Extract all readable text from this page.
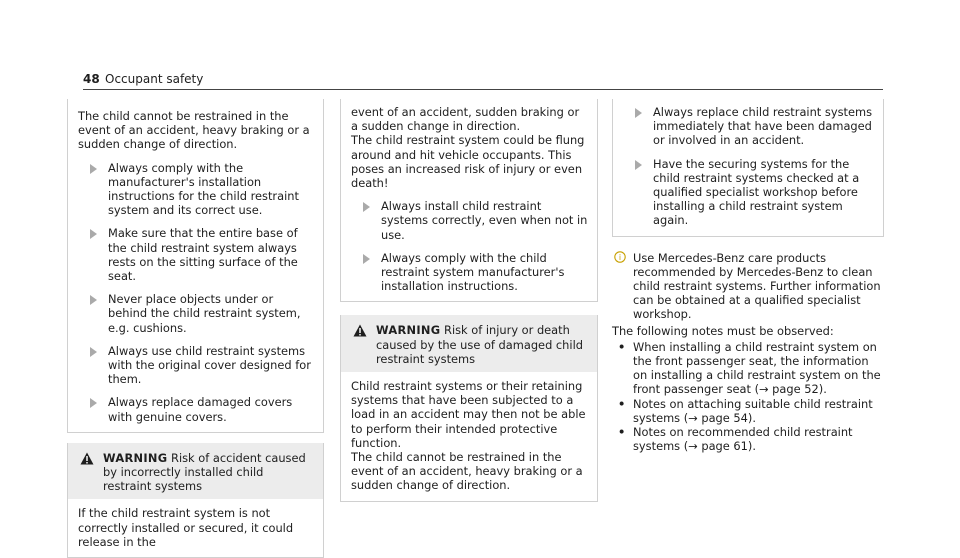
48 Occupant safety

The child cannot be restrained in the event of an accident, heavy braking or a sudden change of direction.

Always comply with the manufacturer's installation instructions for the child restraint system and its correct use.
Make sure that the entire base of the child restraint system always rests on the sitting surface of the seat.
Never place objects under or behind the child restraint system, e.g. cushions.
Always use child restraint systems with the original cover designed for them.
Always replace damaged covers with genuine covers.
WARNING Risk of accident caused by incorrectly installed child restraint systems

If the child restraint system is not correctly installed or secured, it could release in the

event of an accident, sudden braking or a sudden change in direction.

The child restraint system could be flung around and hit vehicle occupants. This poses an increased risk of injury or even death!

Always install child restraint systems correctly, even when not in use.
Always comply with the child restraint system manufacturer's installation instructions.
WARNING Risk of injury or death caused by the use of damaged child restraint systems

Child restraint systems or their retaining systems that have been subjected to a load in an accident may then not be able to perform their intended protective function.

The child cannot be restrained in the event of an accident, heavy braking or a sudden change of direction.

Always replace child restraint systems immediately that have been damaged or involved in an accident.
Have the securing systems for the child restraint systems checked at a qualified specialist workshop before installing a child restraint system again.
i Use Mercedes-Benz care products recommended by Mercedes-Benz to clean child restraint systems. Further information can be obtained at a qualified specialist workshop.

The following notes must be observed:

• When installing a child restraint system on the front passenger seat, the information on installing a child restraint system on the front passenger seat (→ page 52).
• Notes on attaching suitable child restraint systems (→ page 54).
• Notes on recommended child restraint systems (→ page 61).
